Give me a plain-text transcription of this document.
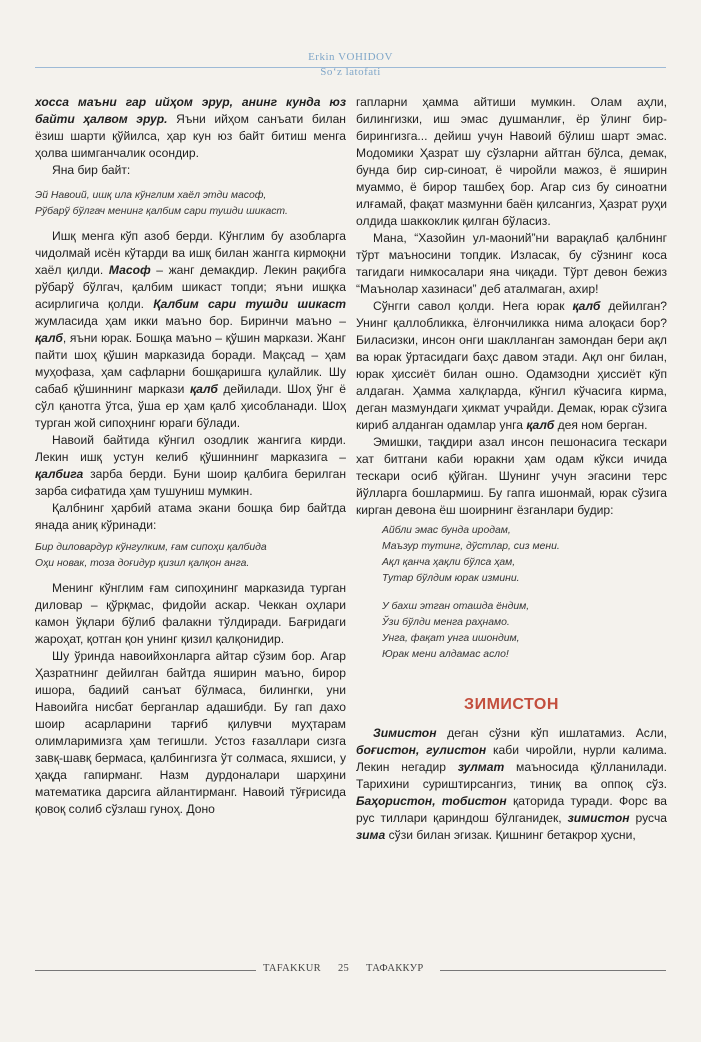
Erkin VOHIDOV
So‘z latofati

хосса маъни гар ийҳом эрур, анинг кунда юз байти ҳалвом эрур. Яъни ийҳом санъати билан ёзиш шарти қўйилса, ҳар кун юз байт битиш менга ҳолва шимганчалик осондир.

Яна бир байт:

Эй Навоий, ишқ ила кўнглим хаёл этди масоф,
Рўбарў бўлгач менинг қалбим сари тушди шикаст.

Ишқ менга кўп азоб берди. Кўнглим бу азобларга чидолмай исён кўтарди ва ишқ билан жангга кирмоқни хаёл қилди. Масоф – жанг демакдир. Лекин рақибга рўбарў бўлгач, қалбим шикаст топди; яъни ишқка асирлигича қолди. Қалбим сари тушди шикаст жумласида ҳам икки маъно бор. Биринчи маъно – қалб, яъни юрак. Бошқа маъно – қўшин маркази. Жанг пайти шоҳ қўшин марказида боради. Мақсад – ҳам муҳофаза, ҳам сафларни бошқаришга қулайлик. Шу сабаб қўшиннинг маркази қалб дейилади. Шоҳ ўнг ё сўл қанотга ўтса, ўша ер ҳам қалб ҳисобланади. Шоҳ турган жой сипоҳнинг юраги бўлади.

Навоий байтида кўнгил озодлик жангига кирди. Лекин ишқ устун келиб қўшиннинг марказига – қалбига зарба берди. Буни шоир қалбига берилган зарба сифатида ҳам тушуниш мумкин.

Қалбнинг ҳарбий атама экани бошқа бир байтда янада аниқ кўринади:

Бир диловардур кўнгулким, ғам сипоҳи қалбида
Оҳи новак, тоза доғидур қизил қалқон анга.

Менинг кўнглим ғам сипоҳининг марказида турган диловар – қўрқмас, фидойи аскар. Чеккан оҳлари камон ўқлари бўлиб фалакни тўлдиради. Бағридаги жароҳат, қотган қон унинг қизил қалқонидир.

Шу ўринда навоийхонларга айтар сўзим бор. Агар Ҳазратнинг дейилган байтда яширин маъно, бирор ишора, бадиий санъат бўлмаса, билингки, уни Навоийга нисбат берганлар адашибди. Бу гап дахо шоир асарларини тарғиб қилувчи муҳтарам олимларимизга ҳам тегишли. Устоз ғазаллари сизга завқ-шавқ бермаса, қалбингизга ўт солмаса, яхшиси, у ҳақда гапирманг. Назм дурдоналари шарҳини математика дарсига айлантирманг. Навоий тўғрисида қовоқ солиб сўзлаш гуноҳ. Доно

гапларни ҳамма айтиши мумкин. Олам аҳли, билингизки, иш эмас душманлиғ, ёр ўлинг бир-бирингизга... дейиш учун Навоий бўлиш шарт эмас. Модомики Ҳазрат шу сўзларни айтган бўлса, демак, бунда бир сир-синоат, ё чиройли мажоз, ё яширин муаммо, ё бирор ташбеҳ бор. Агар сиз бу синоатни илғамай, фақат мазмунни баён қилсангиз, Ҳазрат руҳи олдида шаккоклик қилган бўласиз.

Мана, “Хазойин ул-маоний”ни варақлаб қалбнинг тўрт маъносини топдик. Излаcак, бу сўзнинг коса тагидаги нимкосалари яна чиқади. Тўрт девон бежиз “Маънолар хазинаси” деб аталмаган, ахир!

Сўнгги савол қолди. Нега юрак қалб дейилган? Унинг қаллобликка, ёлғончиликка нима алоқаси бор? Биласизки, инсон онги шаклланган замондан бери ақл ва юрак ўртасидаги баҳс давом этади. Ақл онг билан, юрак ҳиссиёт билан ошно. Одамзодни ҳиссиёт кўп алдаган. Ҳамма халқларда, кўнгил кўчасига кирма, деган мазмундаги ҳикмат учрайди. Демак, юрак сўзига кириб алданган одамлар унга қалб дея ном берган.

Эмишки, тақдири азал инсон пешонасига тескари хат битгани каби юракни ҳам одам кўкси ичида тескари осиб қўйган. Шунинг учун эгасини терс йўлларга бошлармиш. Бу гапга ишонмай, юрак сўзига кирган девона ёш шоирнинг ёзганлари будир:

Айбли эмас бунда иродам,
Маъзур тутинг, дўстлар, сиз мени.
Ақл қанча ҳақли бўлса ҳам,
Тутар бўлдим юрак измини.
У бахш этган оташда ёндим,
Ўзи бўлди менга раҳнамо.
Унга, фақат унга ишондим,
Юрак мени алдамас асло!
ЗИМИСТОН

Зимистон деган сўзни кўп ишлатамиз. Асли, боғистон, гулистон каби чиройли, нурли калима. Лекин негадир зулмат маъносида қўлланилади. Тарихини суриштирсангиз, тиниқ ва оппоқ сўз. Баҳористон, тобистон қаторида туради. Форс ва рус тиллари қариндош бўлганидек, зимистон русча зима сўзи билан эгизак. Қишнинг бетакрор ҳусни,

TAFAKKUR 25 ТАФАККУР
